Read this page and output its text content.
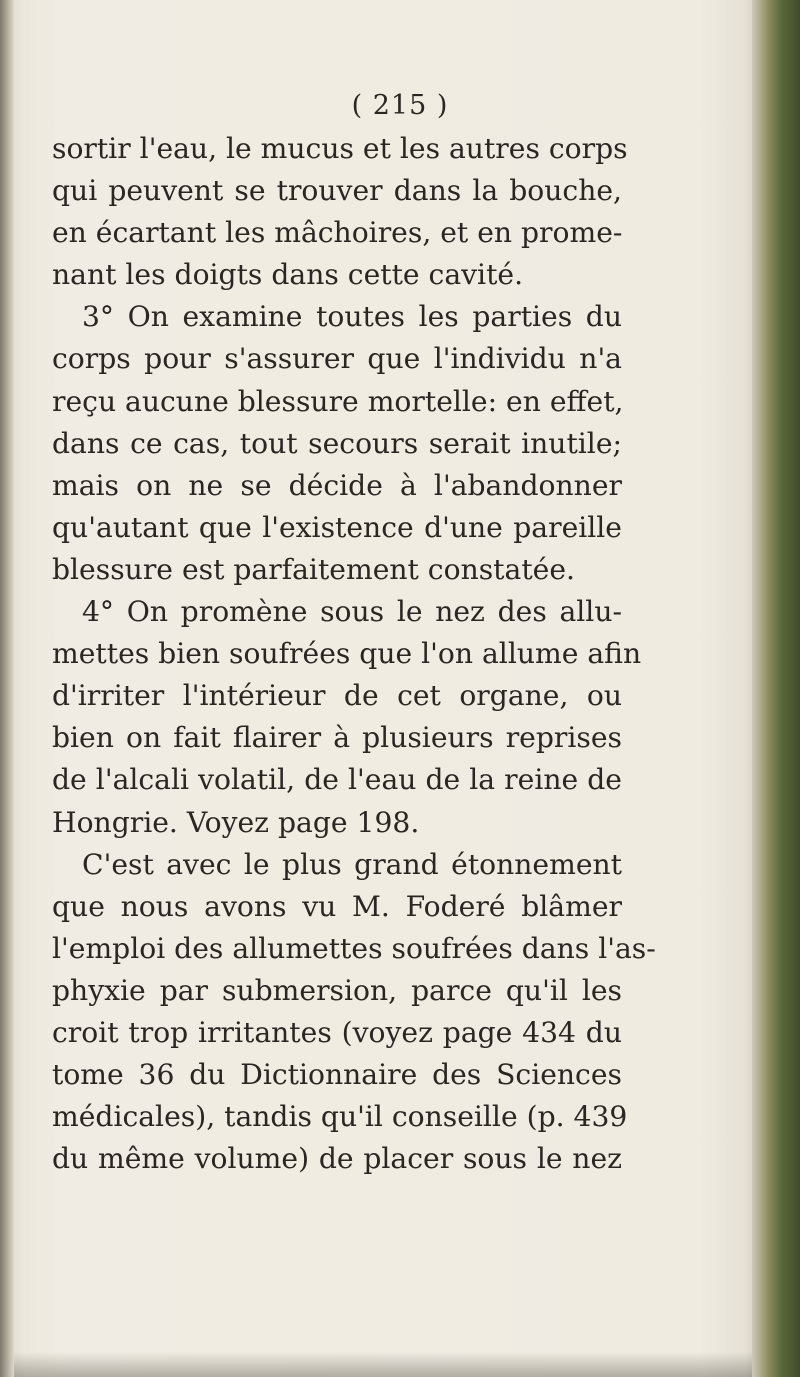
( 215 )

sortir l'eau, le mucus et les autres corps
qui peuvent se trouver dans la bouche,
en écartant les mâchoires, et en prome-
nant les doigts dans cette cavité.

3° On examine toutes les parties du
corps pour s'assurer que l'individu n'a
reçu aucune blessure mortelle: en effet,
dans ce cas, tout secours serait inutile;
mais on ne se décide à l'abandonner
qu'autant que l'existence d'une pareille
blessure est parfaitement constatée.

4° On promène sous le nez des allu-
mettes bien soufrées que l'on allume afin
d'irriter l'intérieur de cet organe, ou
bien on fait flairer à plusieurs reprises
de l'alcali volatil, de l'eau de la reine de
Hongrie. Voyez page 198.

C'est avec le plus grand étonnement
que nous avons vu M. Foderé blâmer
l'emploi des allumettes soufrées dans l'as-
phyxie par submersion, parce qu'il les
croit trop irritantes (voyez page 434 du
tome 36 du Dictionnaire des Sciences
médicales), tandis qu'il conseille (p. 439
du même volume) de placer sous le nez
